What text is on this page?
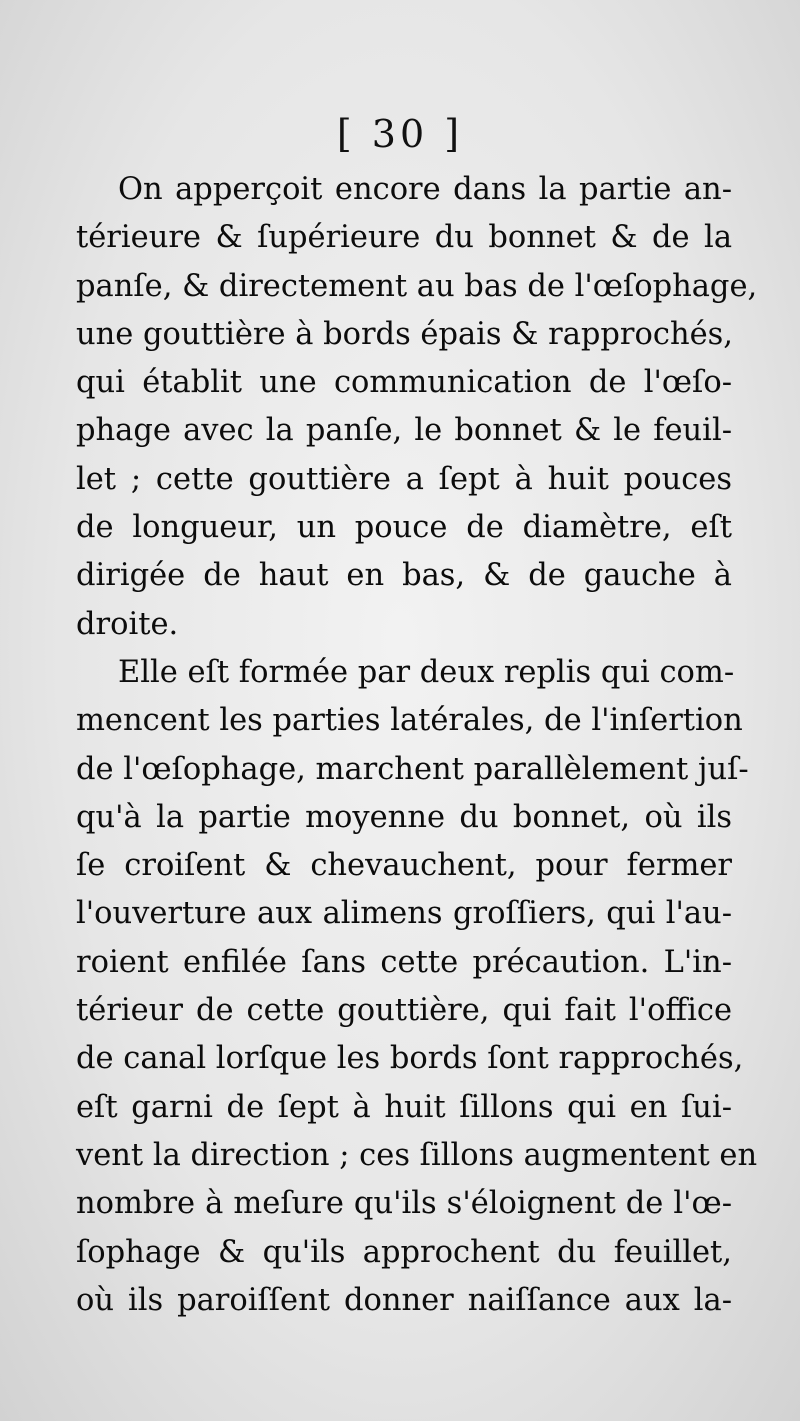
[ 30 ]
On apperçoit encore dans la partie an-
térieure & ſupérieure du bonnet & de la
panſe, & directement au bas de l'œſophage,
une gouttière à bords épais & rapprochés,
qui établit une communication de l'œſo-
phage avec la panſe, le bonnet & le feuil-
let ; cette gouttière a ſept à huit pouces
de longueur, un pouce de diamètre, eſt
dirigée de haut en bas, & de gauche à
droite.
Elle eſt formée par deux replis qui com-
mencent les parties latérales, de l'inſertion
de l'œſophage, marchent parallèlement juſ-
qu'à la partie moyenne du bonnet, où ils
ſe croiſent & chevauchent, pour fermer
l'ouverture aux alimens groſſiers, qui l'au-
roient enfilée ſans cette précaution. L'in-
térieur de cette gouttière, qui fait l'office
de canal lorſque les bords ſont rapprochés,
eſt garni de ſept à huit ſillons qui en ſui-
vent la direction ; ces ſillons augmentent en
nombre à meſure qu'ils s'éloignent de l'œ-
ſophage & qu'ils approchent du feuillet,
où ils paroiſſent donner naiſſance aux la-
